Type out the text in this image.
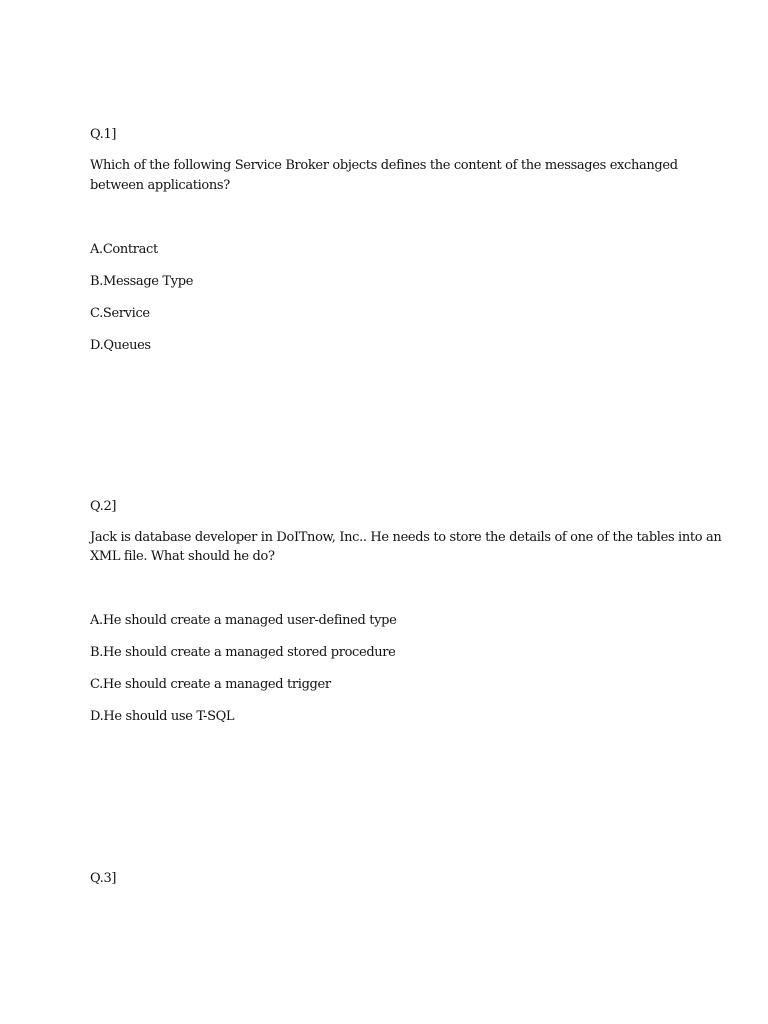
Q.1]
Which of the following Service Broker objects defines the content of the messages exchanged
between applications?
A.Contract
B.Message Type
C.Service
D.Queues
Q.2]
Jack is database developer in DoITnow, Inc.. He needs to store the details of one of the tables into an
XML file. What should he do?
A.He should create a managed user-defined type
B.He should create a managed stored procedure
C.He should create a managed trigger
D.He should use T-SQL
Q.3]
